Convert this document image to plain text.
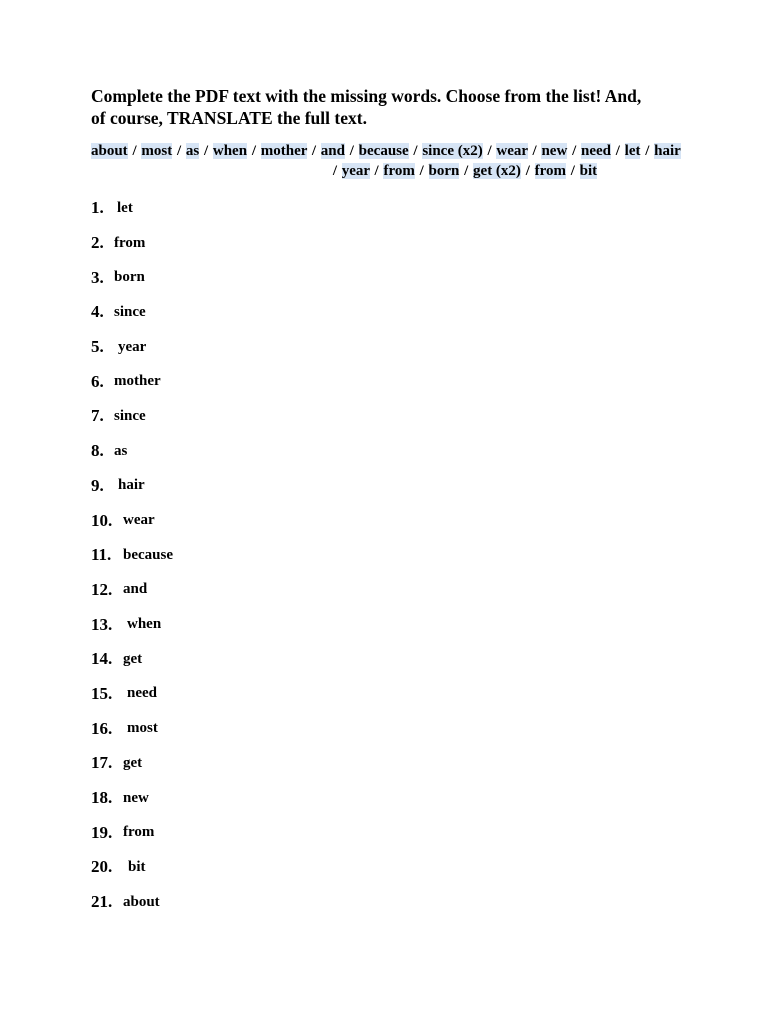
Complete the PDF text with the missing words. Choose from the list! And,
of course, TRANSLATE the full text.
about / most / as / when / mother / and / because / since (x2) / wear / new / need / let / hair
/ year / from / born / get (x2) / from / bit
1. let
2. from
3. born
4. since
5. year
6. mother
7. since
8. as
9. hair
10. wear
11. because
12. and
13. when
14. get
15. need
16. most
17. get
18. new
19. from
20.	bit
21. about
